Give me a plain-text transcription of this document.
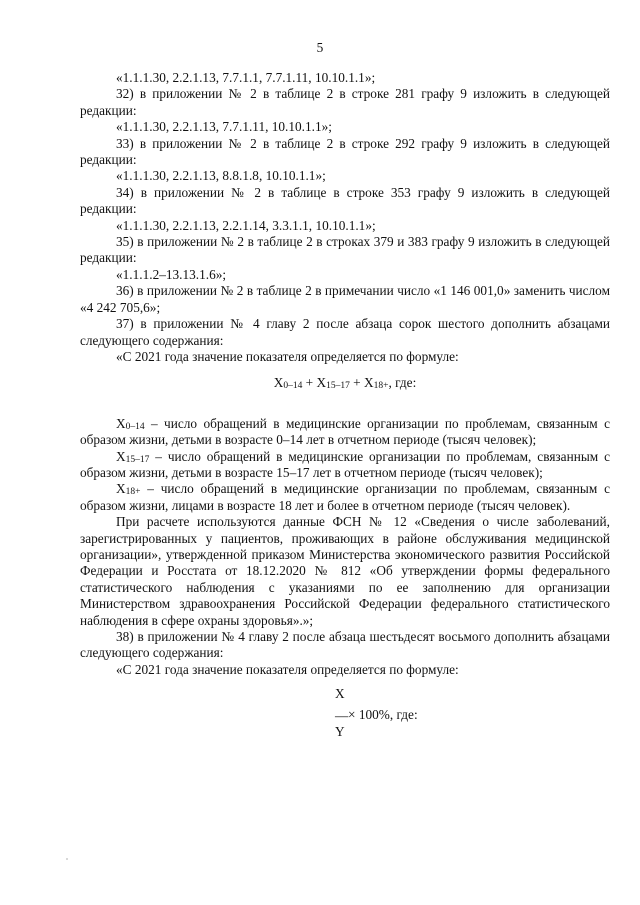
5

«1.1.1.30, 2.2.1.13, 7.7.1.1, 7.7.1.11, 10.10.1.1»;

32) в приложении № 2 в таблице 2 в строке 281 графу 9 изложить в следующей редакции:

«1.1.1.30, 2.2.1.13, 7.7.1.11, 10.10.1.1»;

33) в приложении № 2 в таблице 2 в строке 292 графу 9 изложить в следующей редакции:

«1.1.1.30, 2.2.1.13, 8.8.1.8, 10.10.1.1»;

34) в приложении № 2 в таблице в строке 353 графу 9 изложить в следующей редакции:

«1.1.1.30, 2.2.1.13, 2.2.1.14, 3.3.1.1, 10.10.1.1»;

35) в приложении № 2 в таблице 2 в строках 379 и 383 графу 9 изложить в следующей редакции:

«1.1.1.2–13.13.1.6»;

36) в приложении № 2 в таблице 2 в примечании число «1 146 001,0» заменить числом «4 242 705,6»;

37) в приложении № 4 главу 2 после абзаца сорок шестого дополнить абзацами следующего содержания:

«С 2021 года значение показателя определяется по формуле:

$X_{0-14} + X_{15-17} + X_{18+}$, где:

$X_{0-14}$ – число обращений в медицинские организации по проблемам, связанным с образом жизни, детьми в возрасте 0–14 лет в отчетном периоде (тысяч человек);

$X_{15-17}$ – число обращений в медицинские организации по проблемам, связанным с образом жизни, детьми в возрасте 15–17 лет в отчетном периоде (тысяч человек);

$X_{18+}$ – число обращений в медицинские организации по проблемам, связанным с образом жизни, лицами в возрасте 18 лет и более в отчетном периоде (тысяч человек).

При расчете используются данные ФСН № 12 «Сведения о числе заболеваний, зарегистрированных у пациентов, проживающих в районе обслуживания медицинской организации», утвержденной приказом Министерства экономического развития Российской Федерации и Росстата от 18.12.2020 № 812 «Об утверждении формы федерального статистического наблюдения с указаниями по ее заполнению для организации Министерством здравоохранения Российской Федерации федерального статистического наблюдения в сфере охраны здоровья».»;

38) в приложении № 4 главу 2 после абзаца шестьдесят восьмого дополнить абзацами следующего содержания:

«С 2021 года значение показателя определяется по формуле:

X
— × 100%, где:
Y
